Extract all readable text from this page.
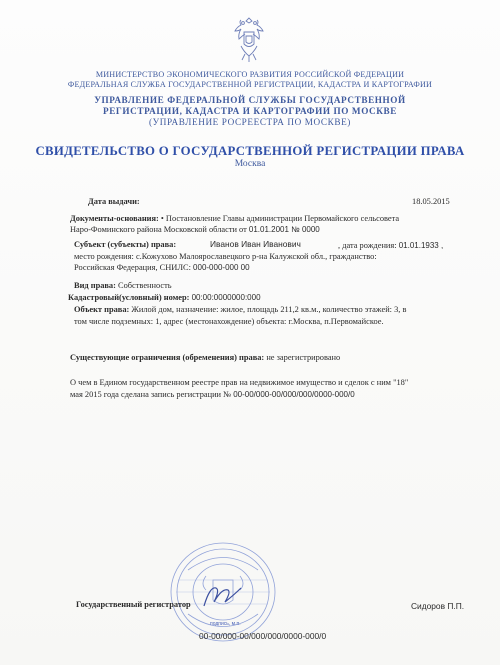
МИНИСТЕРСТВО ЭКОНОМИЧЕСКОГО РАЗВИТИЯ РОССИЙСКОЙ ФЕДЕРАЦИИ
ФЕДЕРАЛЬНАЯ СЛУЖБА ГОСУДАРСТВЕННОЙ РЕГИСТРАЦИИ, КАДАСТРА И КАРТОГРАФИИ
УПРАВЛЕНИЕ ФЕДЕРАЛЬНОЙ СЛУЖБЫ ГОСУДАРСТВЕННОЙ
РЕГИСТРАЦИИ, КАДАСТРА И КАРТОГРАФИИ ПО МОСКВЕ
(УПРАВЛЕНИЕ РОСРЕЕСТРА ПО МОСКВЕ)
СВИДЕТЕЛЬСТВО О ГОСУДАРСТВЕННОЙ РЕГИСТРАЦИИ ПРАВА
Москва
Дата выдачи:	18.05.2015
Документы-основания: • Постановление Главы администрации Первомайского сельсовета
Наро-Фоминского района Московской области от 01.01.2001 № 0000
Субъект (субъекты) права:	Иванов Иван Иванович	, дата рождения: 01.01.1933 ,
место рождения: с.Кожухово Малоярославецкого р-на Калужской обл., гражданство:
Российская Федерация, СНИЛС: 000-000-000 00
Вид права: Собственность
Кадастровый(условный) номер: 00:00:0000000:000
Объект права: Жилой дом, назначение: жилое, площадь 211,2 кв.м., количество этажей: 3, в
том числе подземных: 1, адрес (местонахождение) объекта: г.Москва, п.Первомайское.
Существующие ограничения (обременения) права: не зарегистрировано
О чем в Едином государственном реестре прав на недвижимое имущество и сделок с ним "18"
мая 2015 года сделана запись регистрации № 00-00/000-00/000/000/0000-000/0
подпись, м.п.
Государственный регистратор	Сидоров П.П.
00-00/000-00/000/000/0000-000/0
